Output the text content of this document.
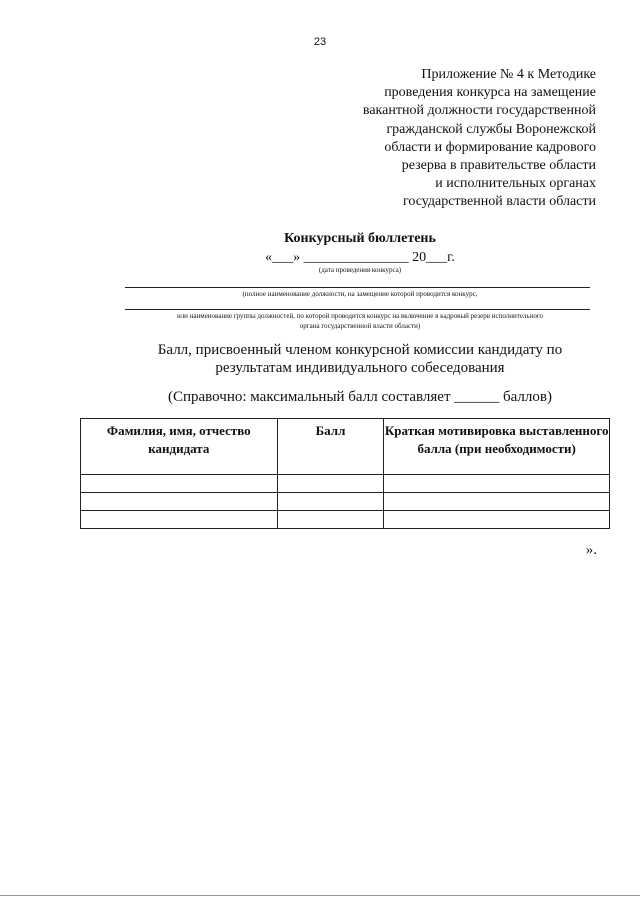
23
Приложение № 4 к Методике
проведения конкурса на замещение
вакантной должности государственной
гражданской службы Воронежской
области и формирование кадрового
резерва в правительстве области
и исполнительных органах
государственной власти области
Конкурсный бюллетень
«___» _______________ 20___г.
(дата проведения конкурса)
(полное наименование должности, на замещение которой проводится конкурс,
или наименование группы должностей, по которой проводится конкурс на включение в кадровый резерв исполнительного
органа государственной власти области)
Балл, присвоенный членом конкурсной комиссии кандидату по результатам индивидуального собеседования
(Справочно: максимальный балл составляет ______ баллов)
Фамилия, имя, отчество кандидата	Балл	Краткая мотивировка выставленного балла (при необходимости)

».
